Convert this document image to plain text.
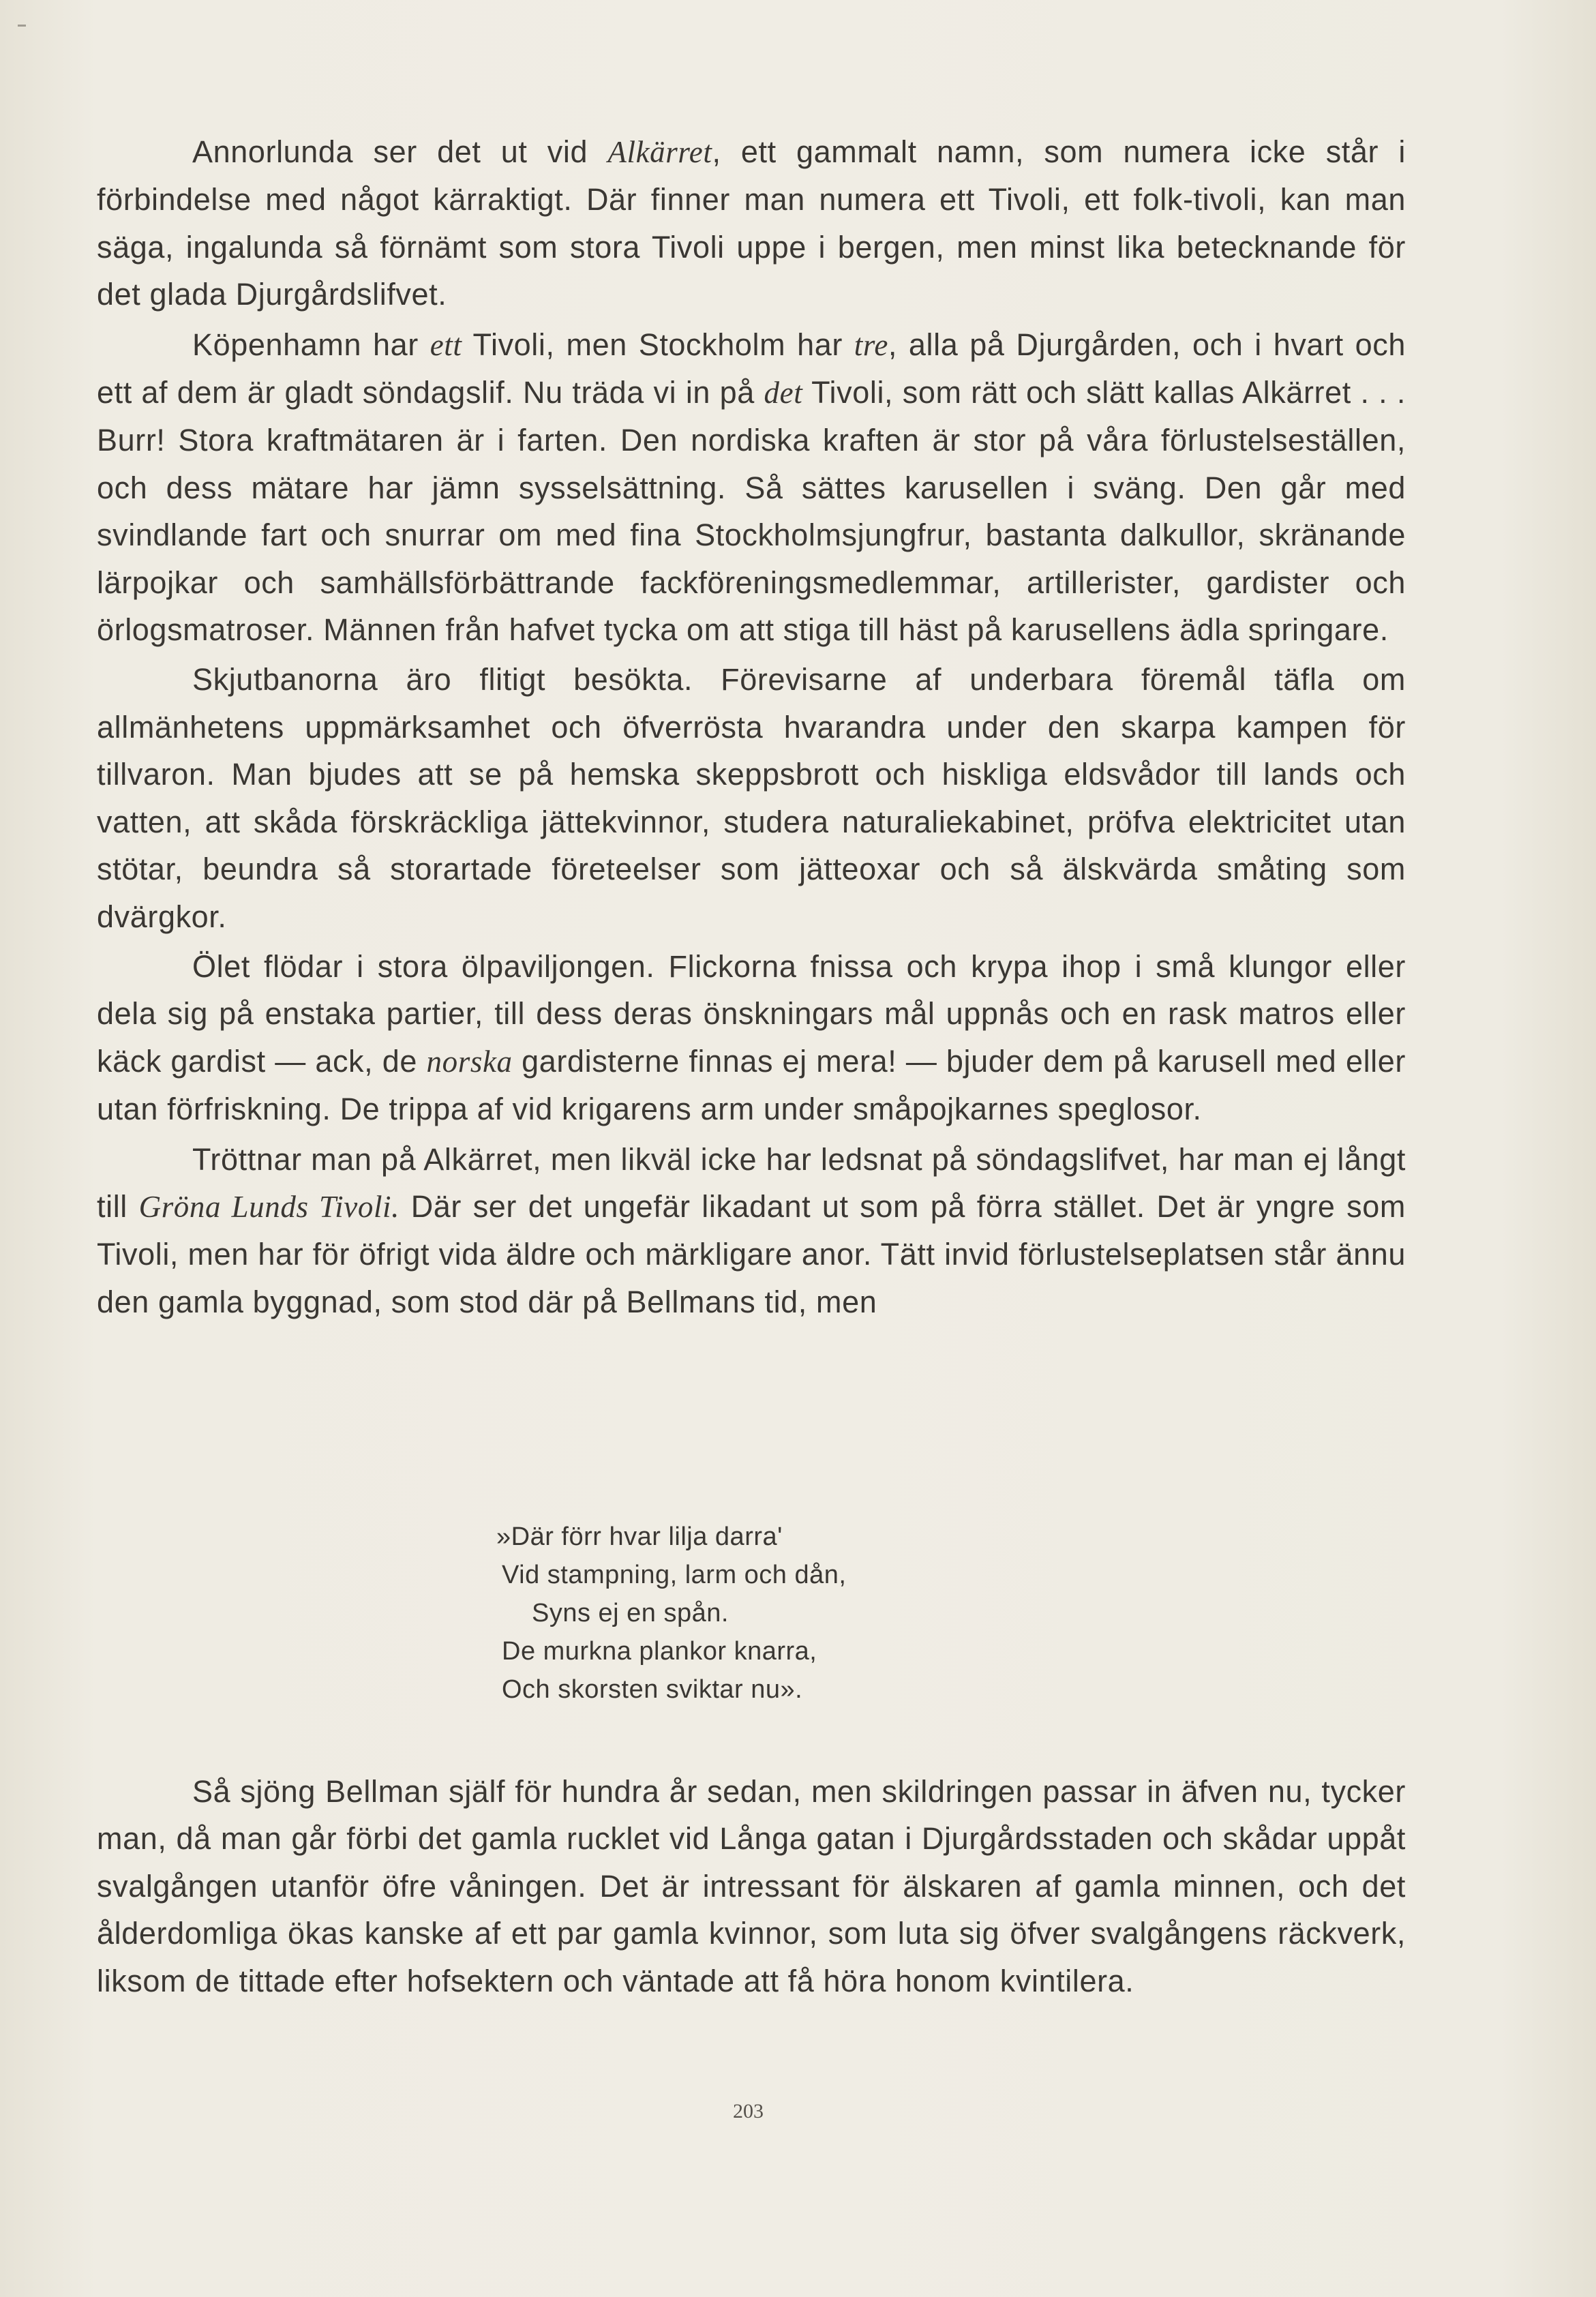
Annorlunda ser det ut vid Alkärret, ett gammalt namn, som numera icke står i förbindelse med något kärraktigt. Där finner man numera ett Tivoli, ett folk-tivoli, kan man säga, ingalunda så förnämt som stora Tivoli uppe i bergen, men minst lika betecknande för det glada Djurgårdslifvet.

Köpenhamn har ett Tivoli, men Stockholm har tre, alla på Djurgården, och i hvart och ett af dem är gladt söndagslif. Nu träda vi in på det Tivoli, som rätt och slätt kallas Alkärret . . . Burr! Stora kraftmätaren är i farten. Den nordiska kraften är stor på våra förlustelseställen, och dess mätare har jämn sysselsättning. Så sättes karusellen i sväng. Den går med svindlande fart och snurrar om med fina Stockholmsjungfrur, bastanta dalkullor, skränande lärpojkar och samhällsförbättrande fackföreningsmedlemmar, artillerister, gardister och örlogsmatroser. Männen från hafvet tycka om att stiga till häst på karusellens ädla springare.

Skjutbanorna äro flitigt besökta. Förevisarne af underbara föremål täfla om allmänhetens uppmärksamhet och öfverrösta hvarandra under den skarpa kampen för tillvaron. Man bjudes att se på hemska skeppsbrott och hiskliga eldsvådor till lands och vatten, att skåda förskräckliga jättekvinnor, studera naturaliekabinet, pröfva elektricitet utan stötar, beundra så storartade företeelser som jätteoxar och så älskvärda småting som dvärgkor.

Ölet flödar i stora ölpaviljongen. Flickorna fnissa och krypa ihop i små klungor eller dela sig på enstaka partier, till dess deras önskningars mål uppnås och en rask matros eller käck gardist — ack, de norska gardisterne finnas ej mera! — bjuder dem på karusell med eller utan förfriskning. De trippa af vid krigarens arm under småpojkarnes speglosor.

Tröttnar man på Alkärret, men likväl icke har ledsnat på söndagslifvet, har man ej långt till Gröna Lunds Tivoli. Där ser det ungefär likadant ut som på förra stället. Det är yngre som Tivoli, men har för öfrigt vida äldre och märkligare anor. Tätt invid förlustelseplatsen står ännu den gamla byggnad, som stod där på Bellmans tid, men

»Där förr hvar lilja darra'
Vid stampning, larm och dån,
Syns ej en spån.
De murkna plankor knarra,
Och skorsten sviktar nu».

Så sjöng Bellman själf för hundra år sedan, men skildringen passar in äfven nu, tycker man, då man går förbi det gamla rucklet vid Långa gatan i Djurgårdsstaden och skådar uppåt svalgången utanför öfre våningen. Det är intressant för älskaren af gamla minnen, och det ålderdomliga ökas kanske af ett par gamla kvinnor, som luta sig öfver svalgångens räckverk, liksom de tittade efter hofsektern och väntade att få höra honom kvintilera.

203
